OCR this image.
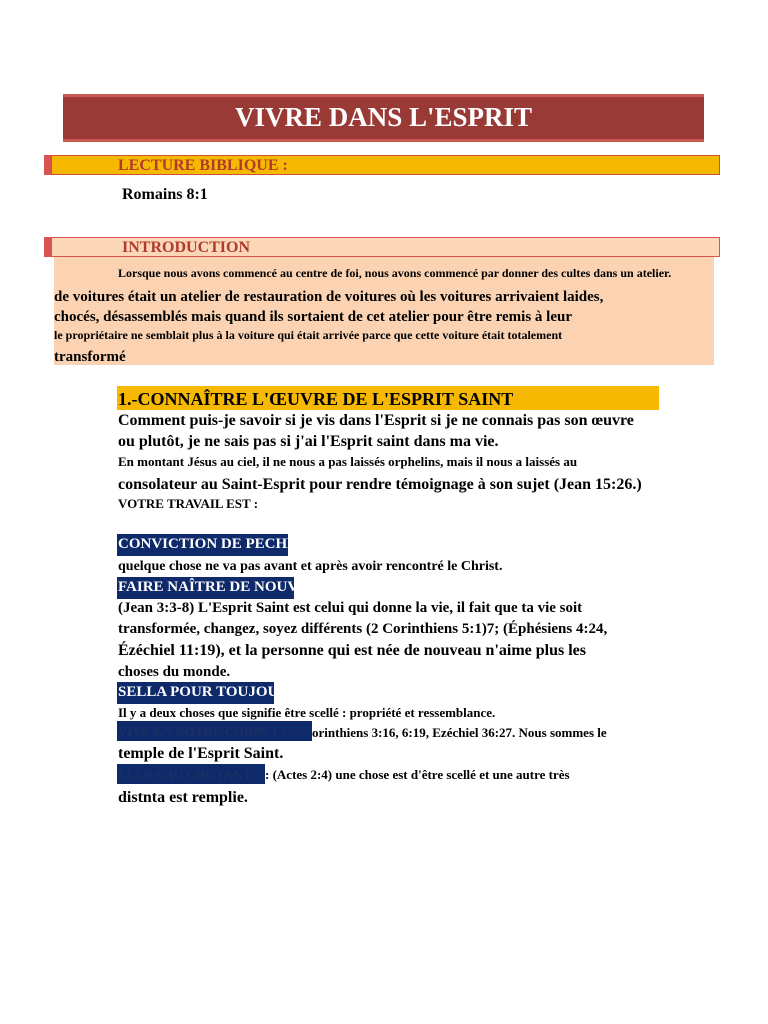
VIVRE DANS L'ESPRIT
LECTURE BIBLIQUE :
Romains 8:1
INTRODUCTION
Lorsque nous avons commencé au centre de foi, nous avons commencé par donner des cultes dans un atelier.
de voitures était un atelier de restauration de voitures où les voitures arrivaient laides,
chocés, désassemblés mais quand ils sortaient de cet atelier pour être remis à leur
le propriétaire ne semblait plus à la voiture qui était arrivée parce que cette voiture était totalement
transformé
1.-CONNAÎTRE L'ŒUVRE DE L'ESPRIT SAINT
Comment puis-je savoir si je vis dans l'Esprit si je ne connais pas son œuvre
ou plutôt, je ne sais pas si j'ai l'Esprit saint dans ma vie.
En montant Jésus au ciel, il ne nous a pas laissés orphelins, mais il nous a laissés au
consolateur au Saint-Esprit pour rendre témoignage à son sujet (Jean 15:26.)
VOTRE TRAVAIL EST :
CONVICTION DE PECHE
quelque chose ne va pas avant et après avoir rencontré le Christ.
FAIRE NAÎTRE DE NOUVEAU
(Jean 3:3-8) L'Esprit Saint est celui qui donne la vie, il fait que ta vie soit
transformée, changez, soyez différents (2 Corinthiens 5:1)7; (Éphésiens 4:24,
Ézéchiel 11:19), et la personne qui est née de nouveau n'aime plus les
choses du monde.
SELLA POUR TOUJOURS
Il y a deux choses que signifie être scellé : propriété et ressemblance.
VIVE EN NOTRE CORPS 1 C orinthiens 3:16, 6:19, Ezéchiel 36:27. Nous sommes le
temple de l'Esprit Saint.
LLENA AU CROYANT : (Actes 2:4) une chose est d'être scellé et une autre très
distnta est remplie.
